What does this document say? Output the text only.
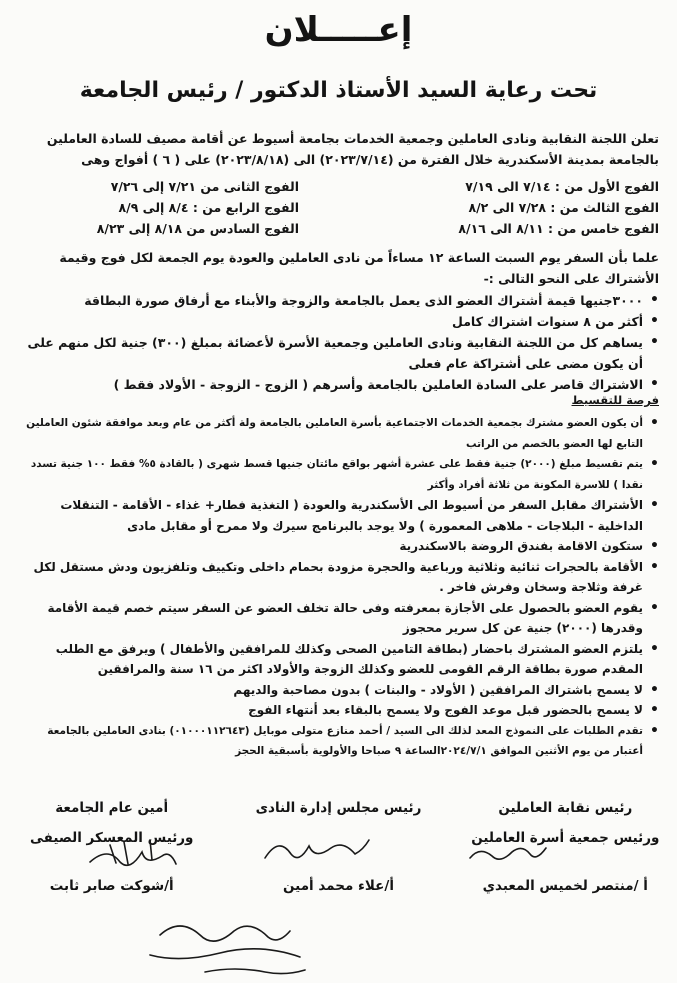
إعـــــلان
تحت رعاية السيد الأستاذ الدكتور / رئيس الجامعة
تعلن اللجنة النقابية ونادى العاملين وجمعية الخدمات بجامعة أسيوط عن أقامة مصيف للسادة العاملين
بالجامعة بمدينة الأسكندرية خلال الفترة من (٢٠٢٣/٧/١٤) الى (٢٠٢٣/٨/١٨) على ( ٦ ) أفواج وهى
الفوج الأول من : ٧/١٤ الى ٧/١٩
الفوج الثانى من ٧/٢١ إلى ٧/٢٦
الفوج الثالث من : ٧/٢٨ الى ٨/٢
الفوج الرابع من : ٨/٤ إلى ٨/٩
الفوج خامس من : ٨/١١ الى ٨/١٦
الفوج السادس من ٨/١٨ إلى ٨/٢٣
علما بأن السفر يوم السبت الساعة ١٢ مساءاً من نادى العاملين والعودة يوم الجمعة لكل فوج وقيمة
الأشتراك على النحو التالى :-
• ٣٠٠٠جنيها قيمة أشتراك العضو الذى يعمل بالجامعة والزوجة والأبناء مع أرفاق صورة البطاقة
• أكثر من ٨ سنوات اشتراك كامل
• يساهم كل من اللجنة النقابية ونادى العاملين وجمعية الأسرة لأعضائة بمبلغ (٣٠٠) جنية لكل منهم على أن يكون مضى على أشتراكة عام فعلى
• الاشتراك قاصر على السادة العاملين بالجامعة وأسرهم ( الزوج - الزوجة - الأولاد فقط )
فرصة للتقسيط
• أن يكون العضو مشترك بجمعية الخدمات الاجتماعية بأسرة العاملين بالجامعة ولة أكثر من عام وبعد موافقة شئون العاملين التابع لها العضو بالخصم من الراتب
• يتم تقسيط مبلغ (٢٠٠٠) جنية فقط على عشرة أشهر بواقع مائتان جنيها قسط شهرى ( بالقادة ٥% فقط ١٠٠ جنية تسدد نقدا ) للاسرة المكونة من ثلاثة أفراد وأكثر
• الأشتراك مقابل السفر من أسيوط الى الأسكندرية والعودة ( التغذية فطار+ غذاء - الأقامة - التنقلات الداخلية - البلاجات - ملاهى المعمورة ) ولا يوجد بالبرنامج سيرك ولا ممرح أو مقابل مادى
• ستكون الاقامة بفندق الروضة بالاسكندرية
• الأقامة بالحجرات ثنائية وثلاثية ورباعية والحجرة مزودة بحمام داخلى وتكييف وتلفزيون ودش مستقل لكل غرفة وثلاجة وسخان وفرش فاخر .
• يقوم العضو بالحصول على الأجازة بمعرفته وفى حالة تخلف العضو عن السفر سيتم خصم قيمة الأقامة وقدرها (٢٠٠٠) جنية عن كل سرير محجوز
• يلتزم العضو المشترك باحضار (بطاقة التامين الصحى وكذلك للمرافقين والأطفال ) ويرفق مع الطلب المقدم صورة بطاقة الرقم القومى للعضو وكذلك الزوجة والأولاد اكثر من ١٦ سنة والمرافقين
• لا يسمح باشتراك المرافقين ( الأولاد - والبنات ) بدون مصاحبة والديهم
• لا يسمح بالحضور قبل موعد الفوج ولا يسمح بالبقاء بعد أنتهاء الفوج
• تقدم الطلبات على النموذج المعد لذلك الى السيد / أحمد منازع متولى موبايل (٠١٠٠٠١١٢٦٤٣) بنادى العاملين بالجامعة أعتبار من يوم الأثنين الموافق ٢٠٢٤/٧/١الساعة ٩ صباحا والأولوية بأسبقية الحجز
رئيس نقابة العاملين
رئيس مجلس إدارة النادى
أمين عام الجامعة
ورئيس جمعية أسرة العاملين
ورئيس المعسكر الصيفى
أ /منتصر لخميس المعبدي
أ/علاء محمد أمين
أ/شوكت صابر ثابت
